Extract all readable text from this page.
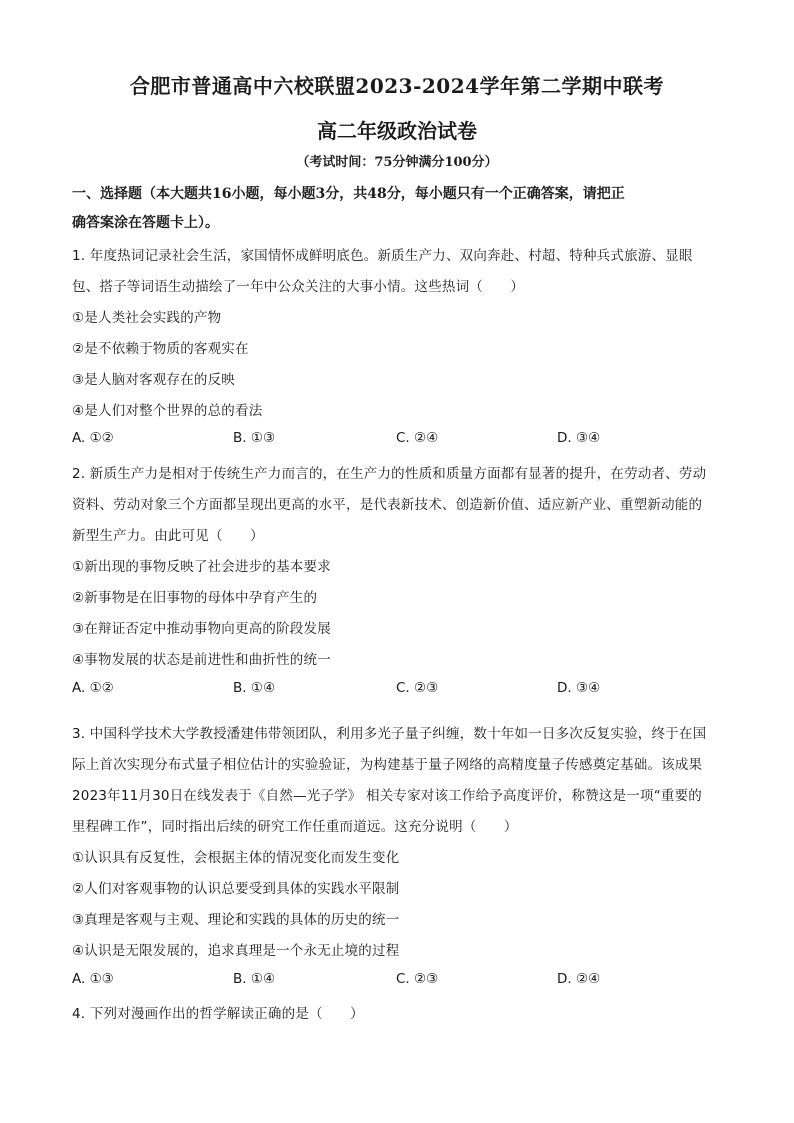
合肥市普通高中六校联盟2023-2024学年第二学期中联考
高二年级政治试卷
（考试时间：75分钟满分100分）
一、选择题（本大题共16小题，每小题3分，共48分，每小题只有一个正确答案，请把正
确答案涂在答题卡上）。
1. 年度热词记录社会生活，家国情怀成鲜明底色。新质生产力、双向奔赴、村超、特种兵式旅游、显眼
包、搭子等词语生动描绘了一年中公众关注的大事小情。这些热词（　　）
①是人类社会实践的产物
②是不依赖于物质的客观实在
③是人脑对客观存在的反映
④是人们对整个世界的总的看法
A. ①②	B. ①③	C. ②④	D. ③④
2. 新质生产力是相对于传统生产力而言的，在生产力的性质和质量方面都有显著的提升，在劳动者、劳动
资料、劳动对象三个方面都呈现出更高的水平，是代表新技术、创造新价值、适应新产业、重塑新动能的
新型生产力。由此可见（　　）
①新出现的事物反映了社会进步的基本要求
②新事物是在旧事物的母体中孕育产生的
③在辩证否定中推动事物向更高的阶段发展
④事物发展的状态是前进性和曲折性的统一
A. ①②	B. ①④	C. ②③	D. ③④
3. 中国科学技术大学教授潘建伟带领团队，利用多光子量子纠缠，数十年如一日多次反复实验，终于在国
际上首次实现分布式量子相位估计的实验验证，为构建基于量子网络的高精度量子传感奠定基础。该成果
2023年11月30日在线发表于《自然—光子学》 相关专家对该工作给予高度评价，称赞这是一项“重要的
里程碑工作”，同时指出后续的研究工作任重而道远。这充分说明（　　）
①认识具有反复性，会根据主体的情况变化而发生变化
②人们对客观事物的认识总要受到具体的实践水平限制
③真理是客观与主观、理论和实践的具体的历史的统一
④认识是无限发展的，追求真理是一个永无止境的过程
A. ①③	B. ①④	C. ②③	D. ②④
4. 下列对漫画作出的哲学解读正确的是（　　）
